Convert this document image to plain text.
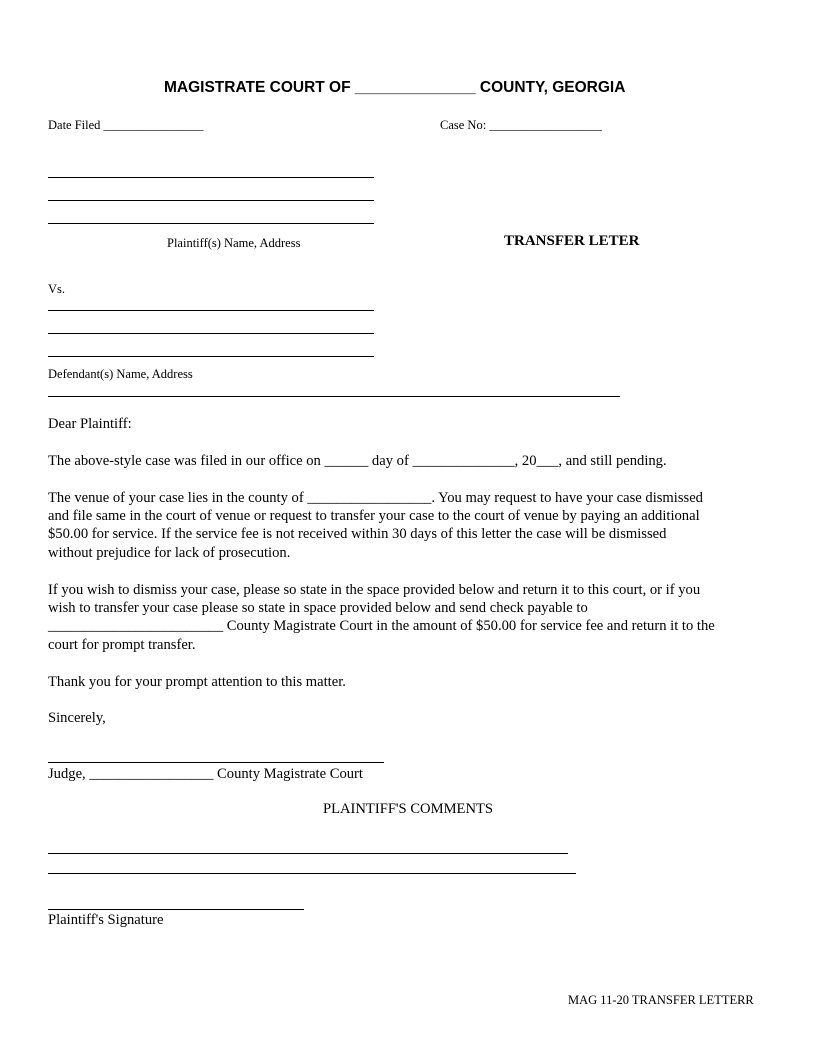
MAGISTRATE COURT OF ______________ COUNTY, GEORGIA
Date Filed ________________	Case No: __________________
Plaintiff(s) Name, Address	TRANSFER LETER
Vs.
Defendant(s) Name, Address
Dear Plaintiff:
The above-style case was filed in our office on ______ day of ______________, 20___, and still pending.
The venue of your case lies in the county of _________________. You may request to have your case dismissed
and file same in the court of venue or request to transfer your case to the court of venue by paying an additional
$50.00 for service. If the service fee is not received within 30 days of this letter the case will be dismissed
without prejudice for lack of prosecution.
If you wish to dismiss your case, please so state in the space provided below and return it to this court, or if you
wish to transfer your case please so state in space provided below and send check payable to
________________________ County Magistrate Court in the amount of $50.00 for service fee and return it to the
court for prompt transfer.
Thank you for your prompt attention to this matter.
Sincerely,
Judge, _________________ County Magistrate Court
PLAINTIFF'S COMMENTS
Plaintiff's Signature
MAG 11-20 TRANSFER LETTERR
